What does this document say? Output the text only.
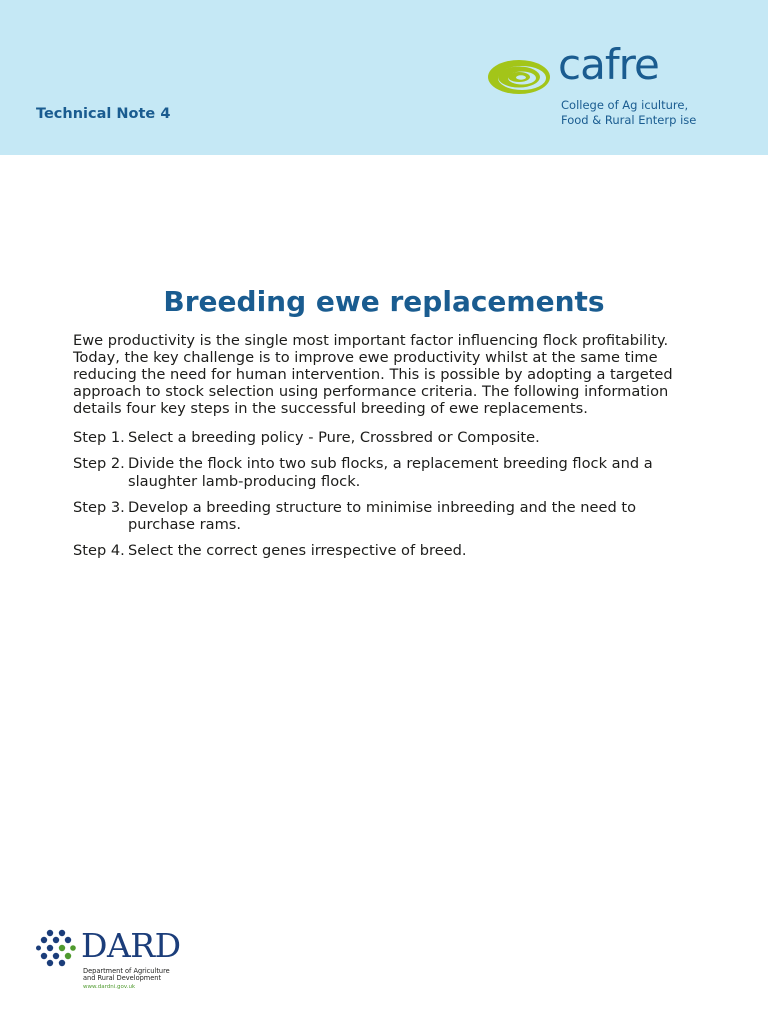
Technical Note 4
cafre
College of Ag iculture,
Food & Rural Enterp ise
Breeding ewe replacements
Ewe productivity is the single most important factor influencing flock profitability. Today, the key challenge is to improve ewe productivity whilst at the same time reducing the need for human intervention. This is possible by adopting a targeted approach to stock selection using performance criteria. The following information details four key steps in the successful breeding of ewe replacements.
Step 1. Select a breeding policy - Pure, Crossbred or Composite.
Step 2. Divide the flock into two sub flocks, a replacement breeding flock and a slaughter lamb-producing flock.
Step 3. Develop a breeding structure to minimise inbreeding and the need to purchase rams.
Step 4. Select the correct genes irrespective of breed.
DARD
Department of Agriculture
and Rural Development
www.dardni.gov.uk
